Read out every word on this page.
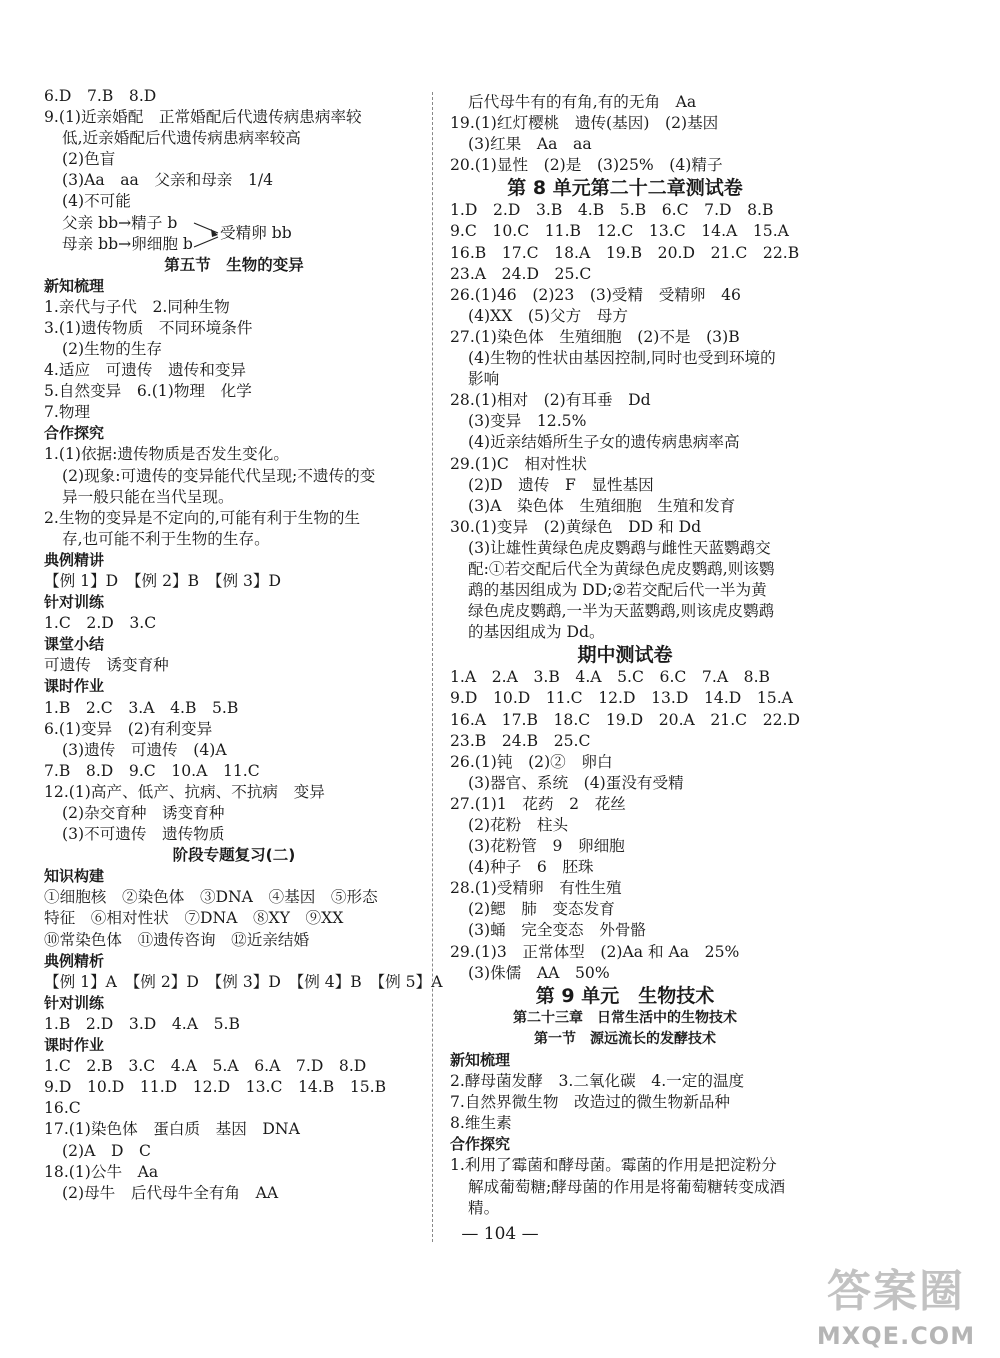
6.D　7.B　8.D
9.(1)近亲婚配　正常婚配后代遗传病患病率较
低,近亲婚配后代遗传病患病率较高
(2)色盲
(3)Aa　aa　父亲和母亲　1/4
(4)不可能
父亲 bb→精子 b
母亲 bb→卵细胞 b
受精卵 bb
第五节　生物的变异
新知梳理
1.亲代与子代　2.同种生物
3.(1)遗传物质　不同环境条件
(2)生物的生存
4.适应　可遗传　遗传和变异
5.自然变异　6.(1)物理　化学
7.物理
合作探究
1.(1)依据:遗传物质是否发生变化。
(2)现象:可遗传的变异能代代呈现;不遗传的变
异一般只能在当代呈现。
2.生物的变异是不定向的,可能有利于生物的生
存,也可能不利于生物的生存。
典例精讲
【例 1】D　【例 2】B　【例 3】D
针对训练
1.C　2.D　3.C
课堂小结
可遗传　诱变育种
课时作业
1.B　2.C　3.A　4.B　5.B
6.(1)变异　(2)有利变异
(3)遗传　可遗传　(4)A
7.B　8.D　9.C　10.A　11.C
12.(1)高产、低产、抗病、不抗病　变异
(2)杂交育种　诱变育种
(3)不可遗传　遗传物质
阶段专题复习(二)
知识构建
①细胞核　②染色体　③DNA　④基因　⑤形态
特征　⑥相对性状　⑦DNA　⑧XY　⑨XX
⑩常染色体　⑪遗传咨询　⑫近亲结婚
典例精析
【例 1】A　【例 2】D　【例 3】D　【例 4】B　【例 5】A
针对训练
1.B　2.D　3.D　4.A　5.B
课时作业
1.C　2.B　3.C　4.A　5.A　6.A　7.D　8.D
9.D　10.D　11.D　12.D　13.C　14.B　15.B
16.C
17.(1)染色体　蛋白质　基因　DNA
(2)A　D　C
18.(1)公牛　Aa
(2)母牛　后代母牛全有角　AA
后代母牛有的有角,有的无角　Aa
19.(1)红灯樱桃　遗传(基因)　(2)基因
(3)红果　Aa　aa
20.(1)显性　(2)是　(3)25%　(4)精子
第 8 单元第二十二章测试卷
1.D　2.D　3.B　4.B　5.B　6.C　7.D　8.B
9.C　10.C　11.B　12.C　13.C　14.A　15.A
16.B　17.C　18.A　19.B　20.D　21.C　22.B
23.A　24.D　25.C
26.(1)46　(2)23　(3)受精　受精卵　46
(4)XX　(5)父方　母方
27.(1)染色体　生殖细胞　(2)不是　(3)B
(4)生物的性状由基因控制,同时也受到环境的
影响
28.(1)相对　(2)有耳垂　Dd
(3)变异　12.5%
(4)近亲结婚所生子女的遗传病患病率高
29.(1)C　相对性状
(2)D　遗传　F　显性基因
(3)A　染色体　生殖细胞　生殖和发育
30.(1)变异　(2)黄绿色　DD 和 Dd
(3)让雄性黄绿色虎皮鹦鹉与雌性天蓝鹦鹉交
配:①若交配后代全为黄绿色虎皮鹦鹉,则该鹦
鹉的基因组成为 DD;②若交配后代一半为黄
绿色虎皮鹦鹉,一半为天蓝鹦鹉,则该虎皮鹦鹉
的基因组成为 Dd。
期中测试卷
1.A　2.A　3.B　4.A　5.C　6.C　7.A　8.B
9.D　10.D　11.C　12.D　13.D　14.D　15.A
16.A　17.B　18.C　19.D　20.A　21.C　22.D
23.B　24.B　25.C
26.(1)钝　(2)②　卵白
(3)器官、系统　(4)蛋没有受精
27.(1)1　花药　2　花丝
(2)花粉　柱头
(3)花粉管　9　卵细胞
(4)种子　6　胚珠
28.(1)受精卵　有性生殖
(2)鳃　肺　变态发育
(3)蛹　完全变态　外骨骼
29.(1)3　正常体型　(2)Aa 和 Aa　25%
(3)侏儒　AA　50%
第 9 单元　生物技术
第二十三章　日常生活中的生物技术
第一节　源远流长的发酵技术
新知梳理
2.酵母菌发酵　3.二氧化碳　4.一定的温度
7.自然界微生物　改造过的微生物新品种
8.维生素
合作探究
1.利用了霉菌和酵母菌。霉菌的作用是把淀粉分
解成葡萄糖;酵母菌的作用是将葡萄糖转变成酒
精。
— 104 —
答案圈
MXQE.COM
